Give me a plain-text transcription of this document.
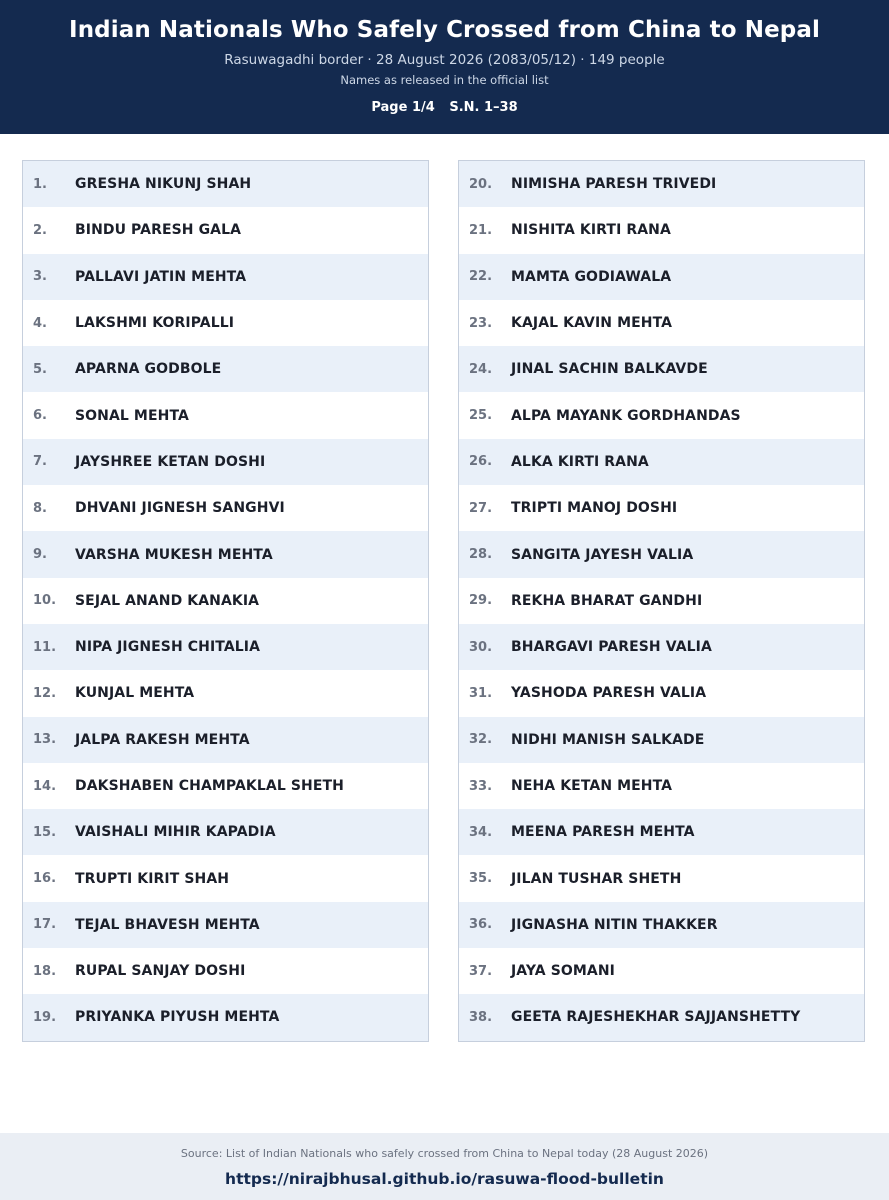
Indian Nationals Who Safely Crossed from China to Nepal
Rasuwagadhi border · 28 August 2026 (2083/05/12) · 149 people
Names as released in the official list
Page 1/4 S.N. 1–38
1.	GRESHA NIKUNJ SHAH
2.	BINDU PARESH GALA
3.	PALLAVI JATIN MEHTA
4.	LAKSHMI KORIPALLI
5.	APARNA GODBOLE
6.	SONAL MEHTA
7.	JAYSHREE KETAN DOSHI
8.	DHVANI JIGNESH SANGHVI
9.	VARSHA MUKESH MEHTA
10.	SEJAL ANAND KANAKIA
11.	NIPA JIGNESH CHITALIA
12.	KUNJAL MEHTA
13.	JALPA RAKESH MEHTA
14.	DAKSHABEN CHAMPAKLAL SHETH
15.	VAISHALI MIHIR KAPADIA
16.	TRUPTI KIRIT SHAH
17.	TEJAL BHAVESH MEHTA
18.	RUPAL SANJAY DOSHI
19.	PRIYANKA PIYUSH MEHTA
20.	NIMISHA PARESH TRIVEDI
21.	NISHITA KIRTI RANA
22.	MAMTA GODIAWALA
23.	KAJAL KAVIN MEHTA
24.	JINAL SACHIN BALKAVDE
25.	ALPA MAYANK GORDHANDAS
26.	ALKA KIRTI RANA
27.	TRIPTI MANOJ DOSHI
28.	SANGITA JAYESH VALIA
29.	REKHA BHARAT GANDHI
30.	BHARGAVI PARESH VALIA
31.	YASHODA PARESH VALIA
32.	NIDHI MANISH SALKADE
33.	NEHA KETAN MEHTA
34.	MEENA PARESH MEHTA
35.	JILAN TUSHAR SHETH
36.	JIGNASHA NITIN THAKKER
37.	JAYA SOMANI
38.	GEETA RAJESHEKHAR SAJJANSHETTY
Source: List of Indian Nationals who safely crossed from China to Nepal today (28 August 2026)
https://nirajbhusal.github.io/rasuwa-flood-bulletin
